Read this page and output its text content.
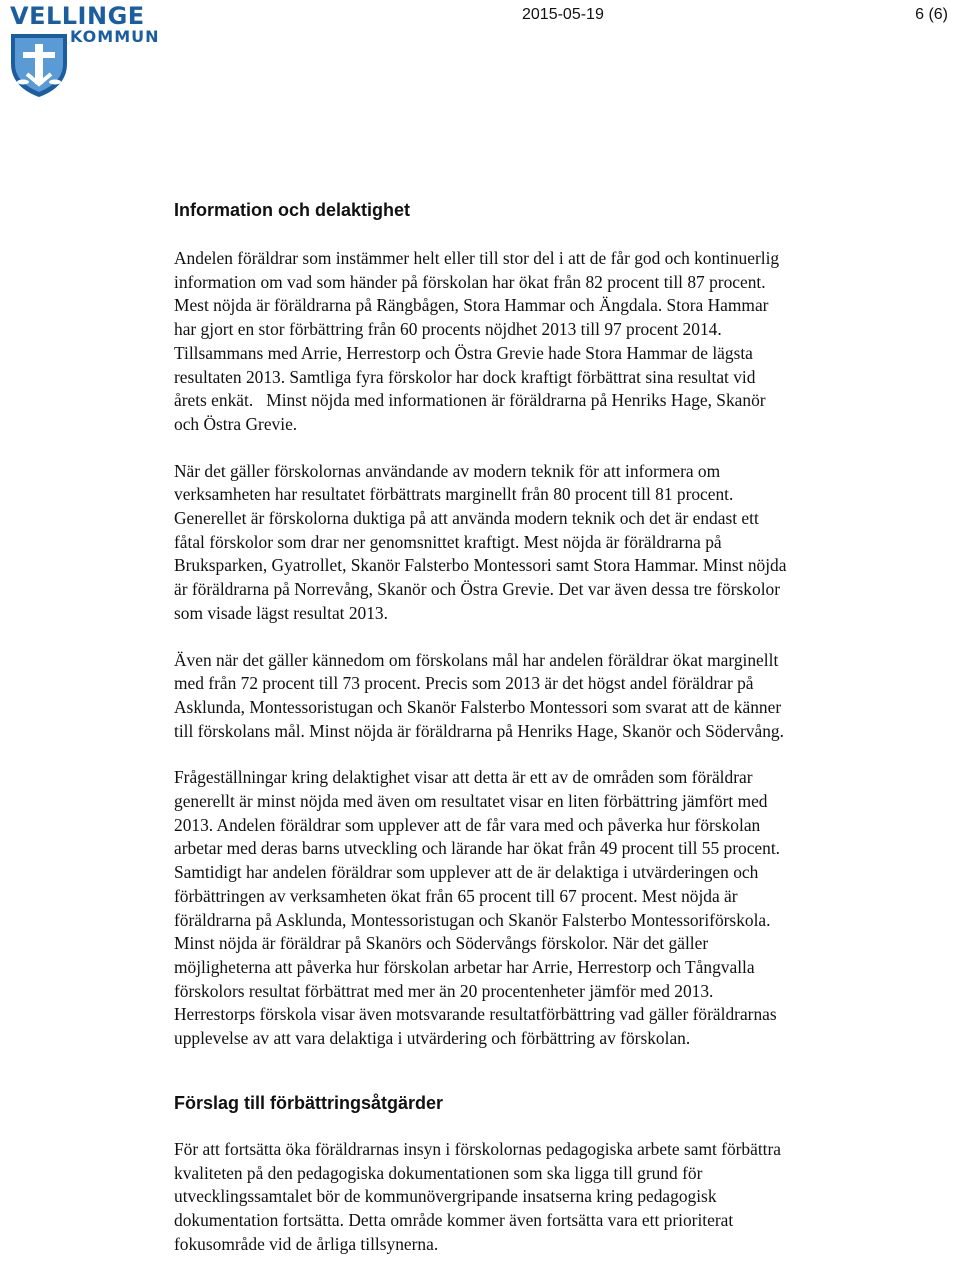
VELLINGE
KOMMUN
2015-05-19	6 (6)
Information och delaktighet

Andelen föräldrar som instämmer helt eller till stor del i att de får god och kontinuerlig
information om vad som händer på förskolan har ökat från 82 procent till 87 procent.
Mest nöjda är föräldrarna på Rängbågen, Stora Hammar och Ängdala. Stora Hammar
har gjort en stor förbättring från 60 procents nöjdhet 2013 till 97 procent 2014.
Tillsammans med Arrie, Herrestorp och Östra Grevie hade Stora Hammar de lägsta
resultaten 2013. Samtliga fyra förskolor har dock kraftigt förbättrat sina resultat vid
årets enkät.   Minst nöjda med informationen är föräldrarna på Henriks Hage, Skanör
och Östra Grevie.

När det gäller förskolornas användande av modern teknik för att informera om
verksamheten har resultatet förbättrats marginellt från 80 procent till 81 procent.
Generellet är förskolorna duktiga på att använda modern teknik och det är endast ett
fåtal förskolor som drar ner genomsnittet kraftigt. Mest nöjda är föräldrarna på
Bruksparken, Gyatrollet, Skanör Falsterbo Montessori samt Stora Hammar. Minst nöjda
är föräldrarna på Norrevång, Skanör och Östra Grevie. Det var även dessa tre förskolor
som visade lägst resultat 2013.

Även när det gäller kännedom om förskolans mål har andelen föräldrar ökat marginellt
med från 72 procent till 73 procent. Precis som 2013 är det högst andel föräldrar på
Asklunda, Montessoristugan och Skanör Falsterbo Montessori som svarat att de känner
till förskolans mål. Minst nöjda är föräldrarna på Henriks Hage, Skanör och Södervång.

Frågeställningar kring delaktighet visar att detta är ett av de områden som föräldrar
generellt är minst nöjda med även om resultatet visar en liten förbättring jämfört med
2013. Andelen föräldrar som upplever att de får vara med och påverka hur förskolan
arbetar med deras barns utveckling och lärande har ökat från 49 procent till 55 procent.
Samtidigt har andelen föräldrar som upplever att de är delaktiga i utvärderingen och
förbättringen av verksamheten ökat från 65 procent till 67 procent. Mest nöjda är
föräldrarna på Asklunda, Montessoristugan och Skanör Falsterbo Montessoriförskola.
Minst nöjda är föräldrar på Skanörs och Södervångs förskolor. När det gäller
möjligheterna att påverka hur förskolan arbetar har Arrie, Herrestorp och Tångvalla
förskolors resultat förbättrat med mer än 20 procentenheter jämför med 2013.
Herrestorps förskola visar även motsvarande resultatförbättring vad gäller föräldrarnas
upplevelse av att vara delaktiga i utvärdering och förbättring av förskolan.

Förslag till förbättringsåtgärder

För att fortsätta öka föräldrarnas insyn i förskolornas pedagogiska arbete samt förbättra
kvaliteten på den pedagogiska dokumentationen som ska ligga till grund för
utvecklingssamtalet bör de kommunövergripande insatserna kring pedagogisk
dokumentation fortsätta. Detta område kommer även fortsätta vara ett prioriterat
fokusområde vid de årliga tillsynerna.
